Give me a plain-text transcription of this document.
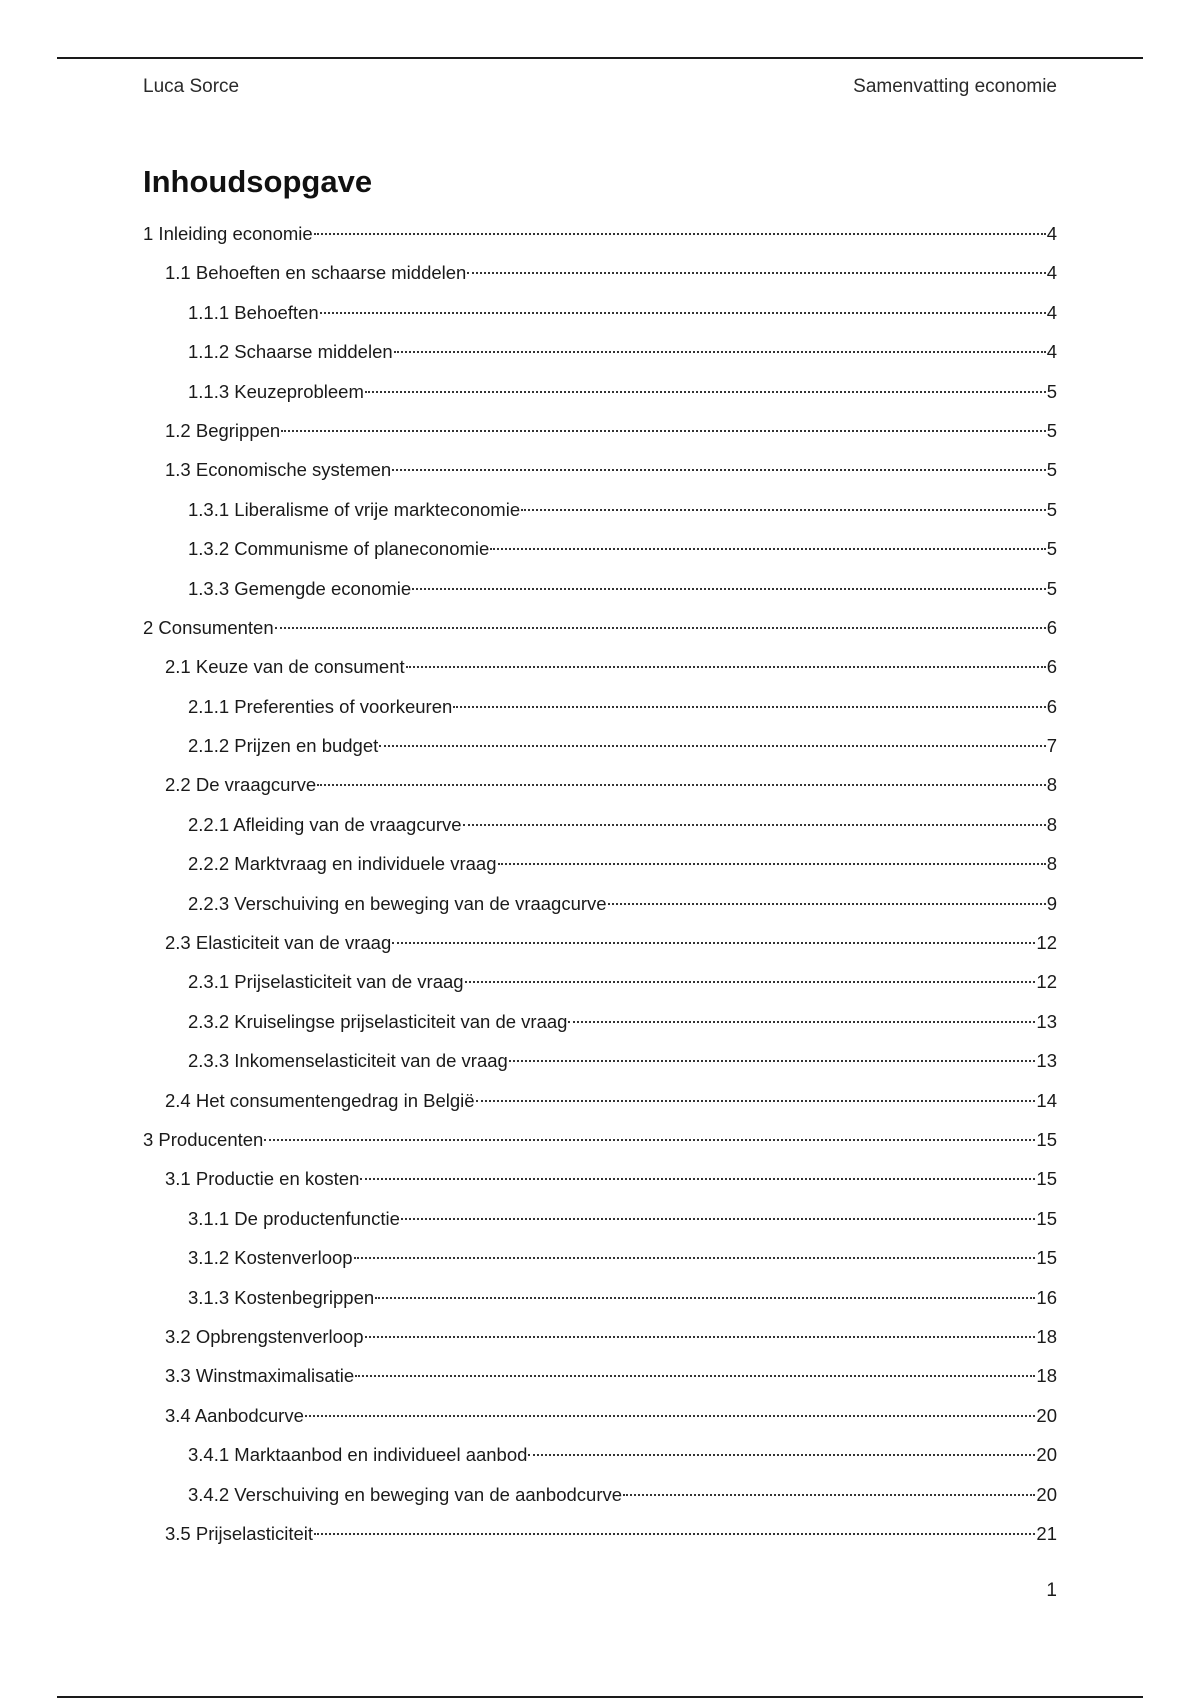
Luca Sorce	Samenvatting economie
Inhoudsopgave
1 Inleiding economie	4
1.1 Behoeften en schaarse middelen	4
1.1.1 Behoeften	4
1.1.2 Schaarse middelen	4
1.1.3 Keuzeprobleem	5
1.2 Begrippen	5
1.3 Economische systemen	5
1.3.1 Liberalisme of vrije markteconomie	5
1.3.2 Communisme of planeconomie	5
1.3.3 Gemengde economie	5
2 Consumenten	6
2.1 Keuze van de consument	6
2.1.1 Preferenties of voorkeuren	6
2.1.2 Prijzen en budget	7
2.2 De vraagcurve	8
2.2.1 Afleiding van de vraagcurve	8
2.2.2 Marktvraag en individuele vraag	8
2.2.3 Verschuiving en beweging van de vraagcurve	9
2.3 Elasticiteit van de vraag	12
2.3.1 Prijselasticiteit van de vraag	12
2.3.2 Kruiselingse prijselasticiteit van de vraag	13
2.3.3 Inkomenselasticiteit van de vraag	13
2.4 Het consumentengedrag in België	14
3 Producenten	15
3.1 Productie en kosten	15
3.1.1 De productenfunctie	15
3.1.2 Kostenverloop	15
3.1.3 Kostenbegrippen	16
3.2 Opbrengstenverloop	18
3.3 Winstmaximalisatie	18
3.4 Aanbodcurve	20
3.4.1 Marktaanbod en individueel aanbod	20
3.4.2 Verschuiving en beweging van de aanbodcurve	20
3.5 Prijselasticiteit	21
1
